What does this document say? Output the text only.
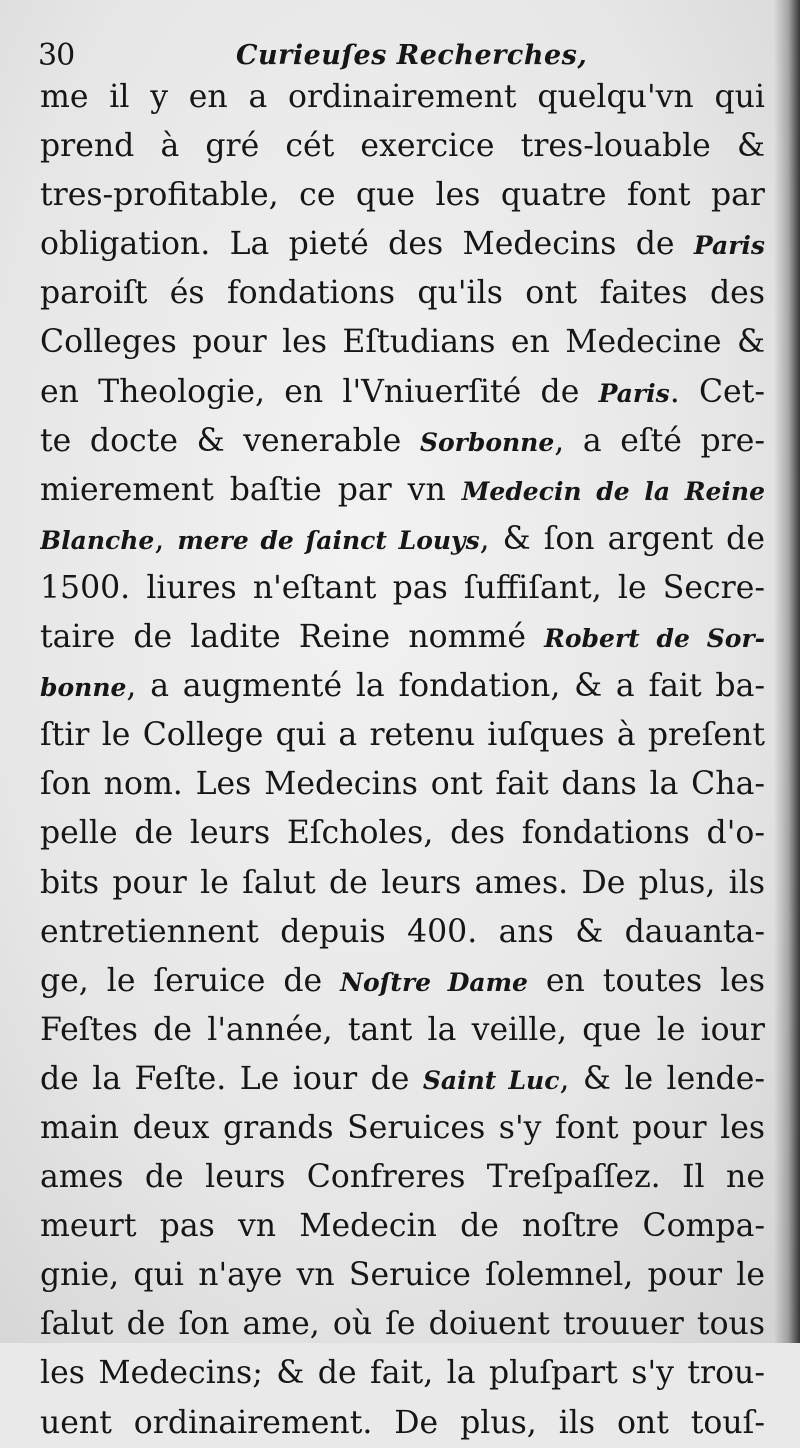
30	Curieuſes Recherches,
me il y en a ordinairement quelqu'vn qui
prend à gré cét exercice tres-louable &
tres-profitable, ce que les quatre font par
obligation. La pieté des Medecins de Paris
paroiſt és fondations qu'ils ont faites des
Colleges pour les Eſtudians en Medecine &
en Theologie, en l'Vniuerſité de Paris. Cet-
te docte & venerable Sorbonne, a eſté pre-
mierement baſtie par vn Medecin de la Reine
Blanche, mere de ſainct Louys, & ſon argent de
1500. liures n'eſtant pas ſuffiſant, le Secre-
taire de ladite Reine nommé Robert de Sor-
bonne, a augmenté la fondation, & a fait ba-
ſtir le College qui a retenu iuſques à preſent
ſon nom. Les Medecins ont fait dans la Cha-
pelle de leurs Eſcholes, des fondations d'o-
bits pour le ſalut de leurs ames. De plus, ils
entretiennent depuis 400. ans & dauanta-
ge, le ſeruice de Noſtre Dame en toutes les
Feſtes de l'année, tant la veille, que le iour
de la Feſte. Le iour de Saint Luc, & le lende-
main deux grands Seruices s'y font pour les
ames de leurs Confreres Treſpaſſez. Il ne
meurt pas vn Medecin de noſtre Compa-
gnie, qui n'aye vn Seruice ſolemnel, pour le
ſalut de ſon ame, où ſe doiuent trouuer tous
les Medecins; & de fait, la pluſpart s'y trou-
uent ordinairement. De plus, ils ont touſ-
